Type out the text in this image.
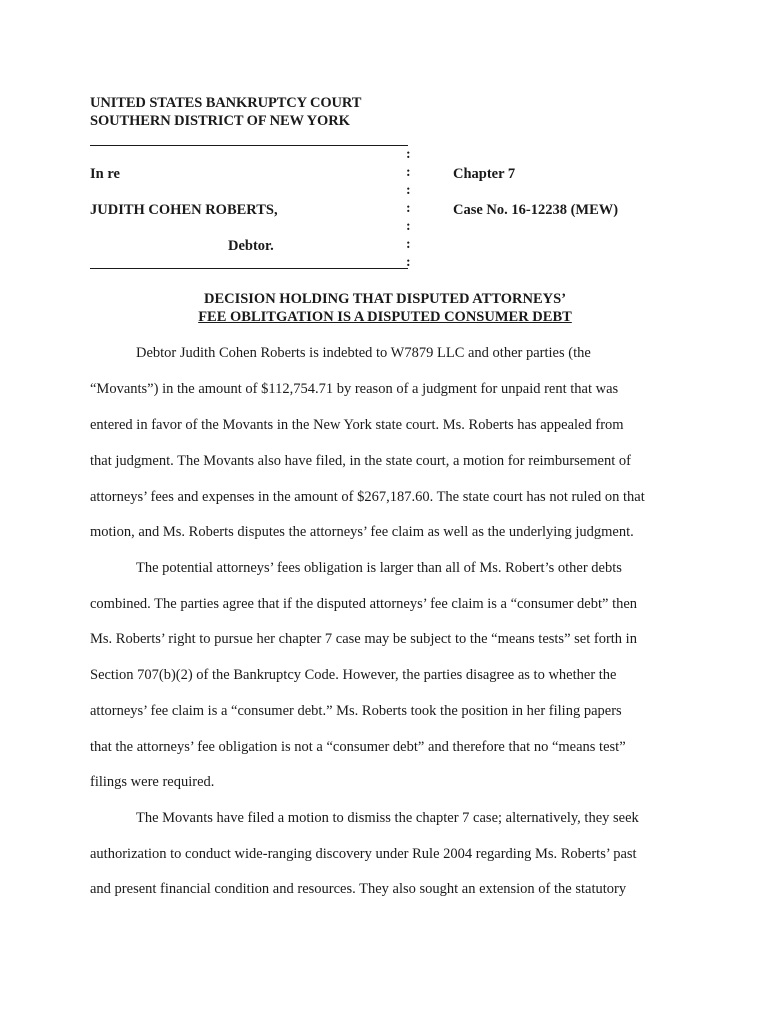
UNITED STATES BANKRUPTCY COURT
SOUTHERN DISTRICT OF NEW YORK
:
:
:
:
:
:
:
In re
JUDITH COHEN ROBERTS,
Debtor.
Chapter 7
Case No. 16-12238 (MEW)
DECISION HOLDING THAT DISPUTED ATTORNEYS’
FEE OBLITGATION IS A DISPUTED CONSUMER DEBT
Debtor Judith Cohen Roberts is indebted to W7879 LLC and other parties (the
“Movants”) in the amount of $112,754.71 by reason of a judgment for unpaid rent that was
entered in favor of the Movants in the New York state court. Ms. Roberts has appealed from
that judgment. The Movants also have filed, in the state court, a motion for reimbursement of
attorneys’ fees and expenses in the amount of $267,187.60. The state court has not ruled on that
motion, and Ms. Roberts disputes the attorneys’ fee claim as well as the underlying judgment.
The potential attorneys’ fees obligation is larger than all of Ms. Robert’s other debts
combined. The parties agree that if the disputed attorneys’ fee claim is a “consumer debt” then
Ms. Roberts’ right to pursue her chapter 7 case may be subject to the “means tests” set forth in
Section 707(b)(2) of the Bankruptcy Code. However, the parties disagree as to whether the
attorneys’ fee claim is a “consumer debt.” Ms. Roberts took the position in her filing papers
that the attorneys’ fee obligation is not a “consumer debt” and therefore that no “means test”
filings were required.
The Movants have filed a motion to dismiss the chapter 7 case; alternatively, they seek
authorization to conduct wide-ranging discovery under Rule 2004 regarding Ms. Roberts’ past
and present financial condition and resources. They also sought an extension of the statutory
